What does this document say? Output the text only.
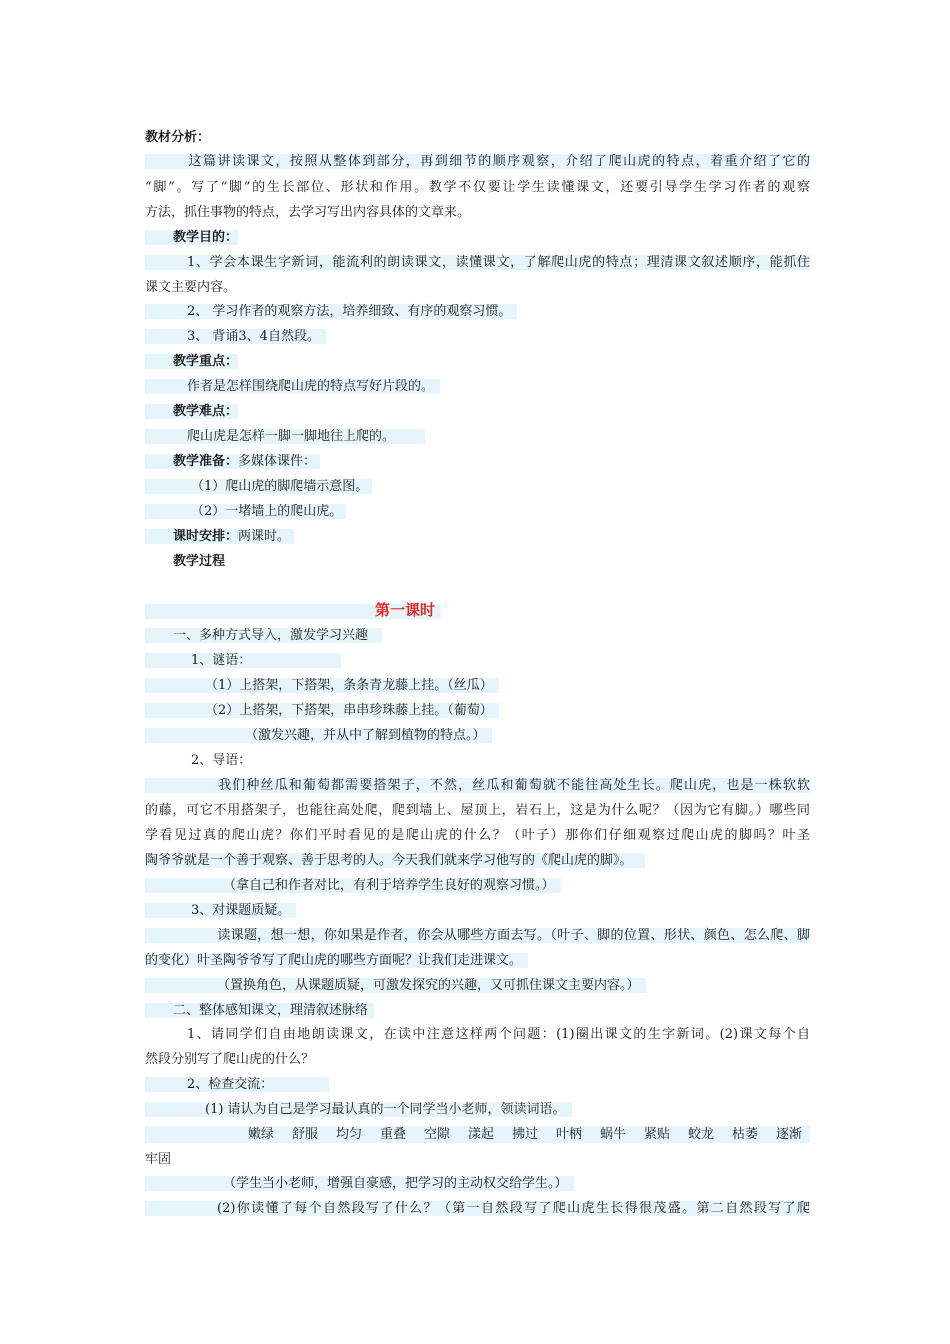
教材分析：
这篇讲读课文，按照从整体到部分，再到细节的顺序观察，介绍了爬山虎的特点，着重介绍了它的
“脚”。写了“脚”的生长部位、形状和作用。教学不仅要让学生读懂课文，还要引导学生学习作者的观察
方法，抓住事物的特点，去学习写出内容具体的文章来。
教学目的：
1、学会本课生字新词，能流利的朗读课文，读懂课文，了解爬山虎的特点；理清课文叙述顺序，能抓住
课文主要内容。
2、 学习作者的观察方法，培养细致、有序的观察习惯。
3、 背诵3、4自然段。
教学重点：
作者是怎样围绕爬山虎的特点写好片段的。
教学难点：
爬山虎是怎样一脚一脚地往上爬的。
教学准备：多媒体课件：
（1）爬山虎的脚爬墙示意图。
（2）一堵墙上的爬山虎。
课时安排：两课时。
教学过程
第一课时
一、多种方式导入，激发学习兴趣
1、谜语：
（1）上搭架，下搭架，条条青龙藤上挂。（丝瓜）
（2）上搭架，下搭架，串串珍珠藤上挂。（葡萄）
（激发兴趣，并从中了解到植物的特点。）
2、导语：
我们种丝瓜和葡萄都需要搭架子，不然，丝瓜和葡萄就不能往高处生长。爬山虎，也是一株软软
的藤，可它不用搭架子，也能往高处爬，爬到墙上、屋顶上，岩石上，这是为什么呢？（因为它有脚。）哪些同
学看见过真的爬山虎？你们平时看见的是爬山虎的什么？（叶子）那你们仔细观察过爬山虎的脚吗？叶圣
陶爷爷就是一个善于观察、善于思考的人。今天我们就来学习他写的《爬山虎的脚》。
（拿自己和作者对比，有利于培养学生良好的观察习惯。）
3、对课题质疑。
读课题，想一想，你如果是作者，你会从哪些方面去写。（叶子、脚的位置、形状、颜色、怎么爬、脚
的变化）叶圣陶爷爷写了爬山虎的哪些方面呢？让我们走进课文。
（置换角色，从课题质疑，可激发探究的兴趣，又可抓住课文主要内容。）
二、整体感知课文，理清叙述脉络
1、请同学们自由地朗读课文，在读中注意这样两个问题：(1)圈出课文的生字新词。(2)课文每个自
然段分别写了爬山虎的什么？
2、检查交流：
(1) 请认为自己是学习最认真的一个同学当小老师，领读词语。
嫩绿 舒服 均匀 重叠 空隙 漾起 拂过 叶柄 蜗牛 紧贴 蛟龙 枯萎 逐渐
牢固
（学生当小老师，增强自豪感，把学习的主动权交给学生。）
(2)你读懂了每个自然段写了什么？（第一自然段写了爬山虎生长得很茂盛。第二自然段写了爬
